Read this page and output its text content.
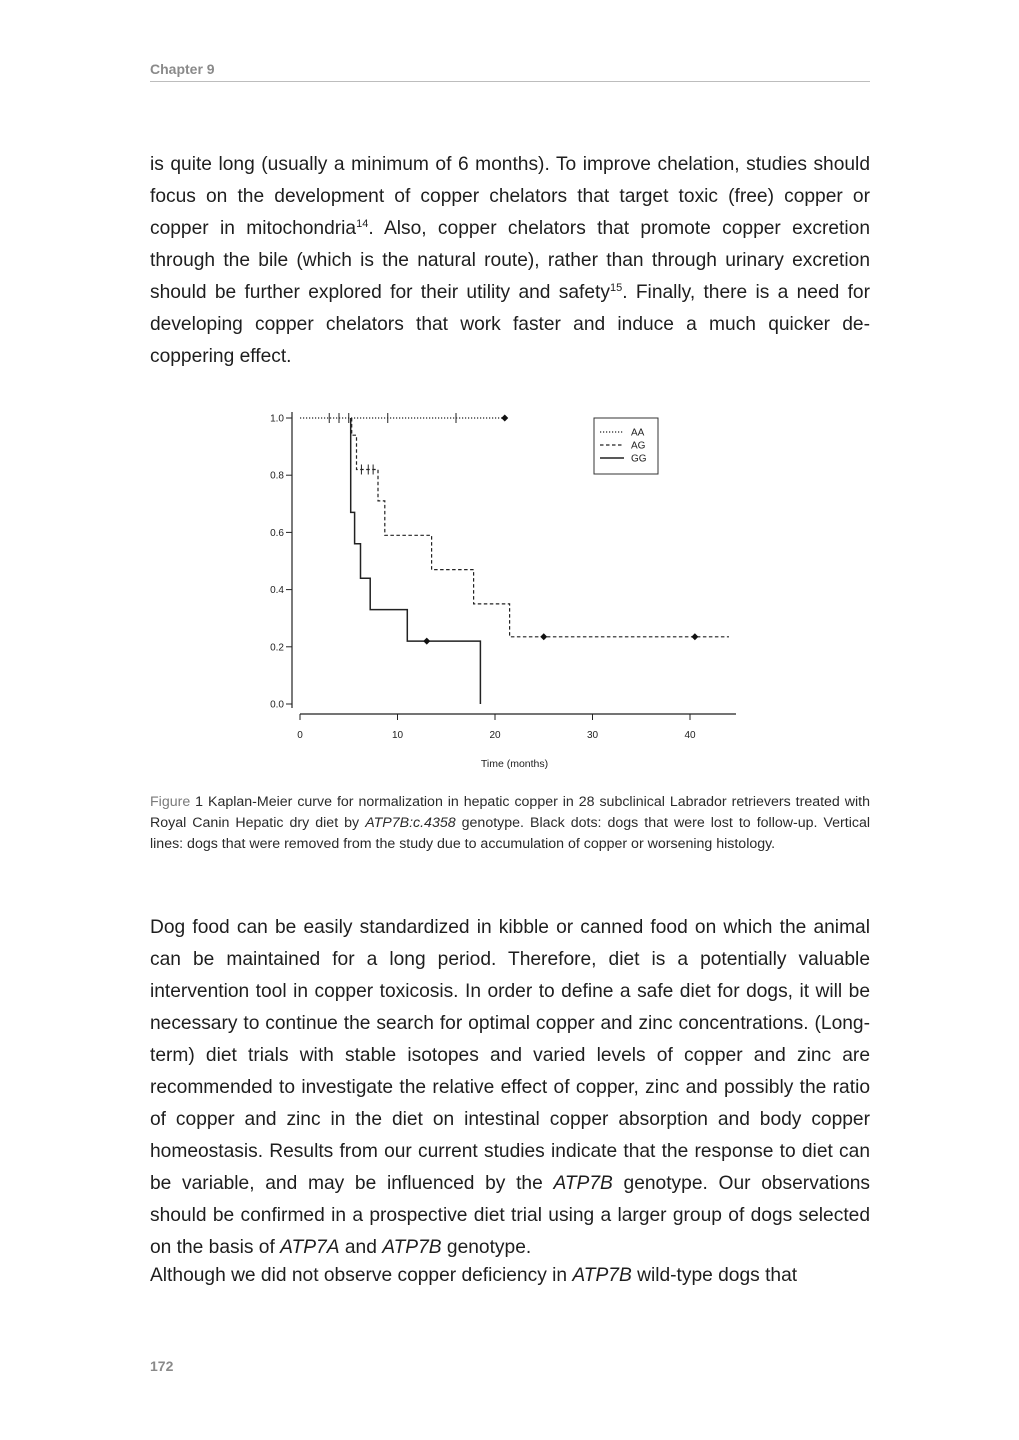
Chapter 9

is quite long (usually a minimum of 6 months). To improve chelation, studies should focus on the development of copper chelators that target toxic (free) copper or copper in mitochondria$^{14}$. Also, copper chelators that promote copper excretion through the bile (which is the natural route), rather than through urinary excretion should be further explored for their utility and safety$^{15}$. Finally, there is a need for developing copper chelators that work faster and induce a much quicker de-coppering effect.

1.0
0.8
0.6
0.4
0.2
0.0
0	10	20	30	40
Time (months)
AA
AG
GG

Figure 1 Kaplan-Meier curve for normalization in hepatic copper in 28 subclinical Labrador retrievers treated with Royal Canin Hepatic dry diet by ATP7B:c.4358 genotype. Black dots: dogs that were lost to follow-up. Vertical lines: dogs that were removed from the study due to accumulation of copper or worsening histology.

Dog food can be easily standardized in kibble or canned food on which the animal can be maintained for a long period. Therefore, diet is a potentially valuable intervention tool in copper toxicosis. In order to define a safe diet for dogs, it will be necessary to continue the search for optimal copper and zinc concentrations. (Long-term) diet trials with stable isotopes and varied levels of copper and zinc are recommended to investigate the relative effect of copper, zinc and possibly the ratio of copper and zinc in the diet on intestinal copper absorption and body copper homeostasis. Results from our current studies indicate that the response to diet can be variable, and may be influenced by the ATP7B genotype. Our observations should be confirmed in a prospective diet trial using a larger group of dogs selected on the basis of ATP7A and ATP7B genotype.

Although we did not observe copper deficiency in ATP7B wild-type dogs that

172
